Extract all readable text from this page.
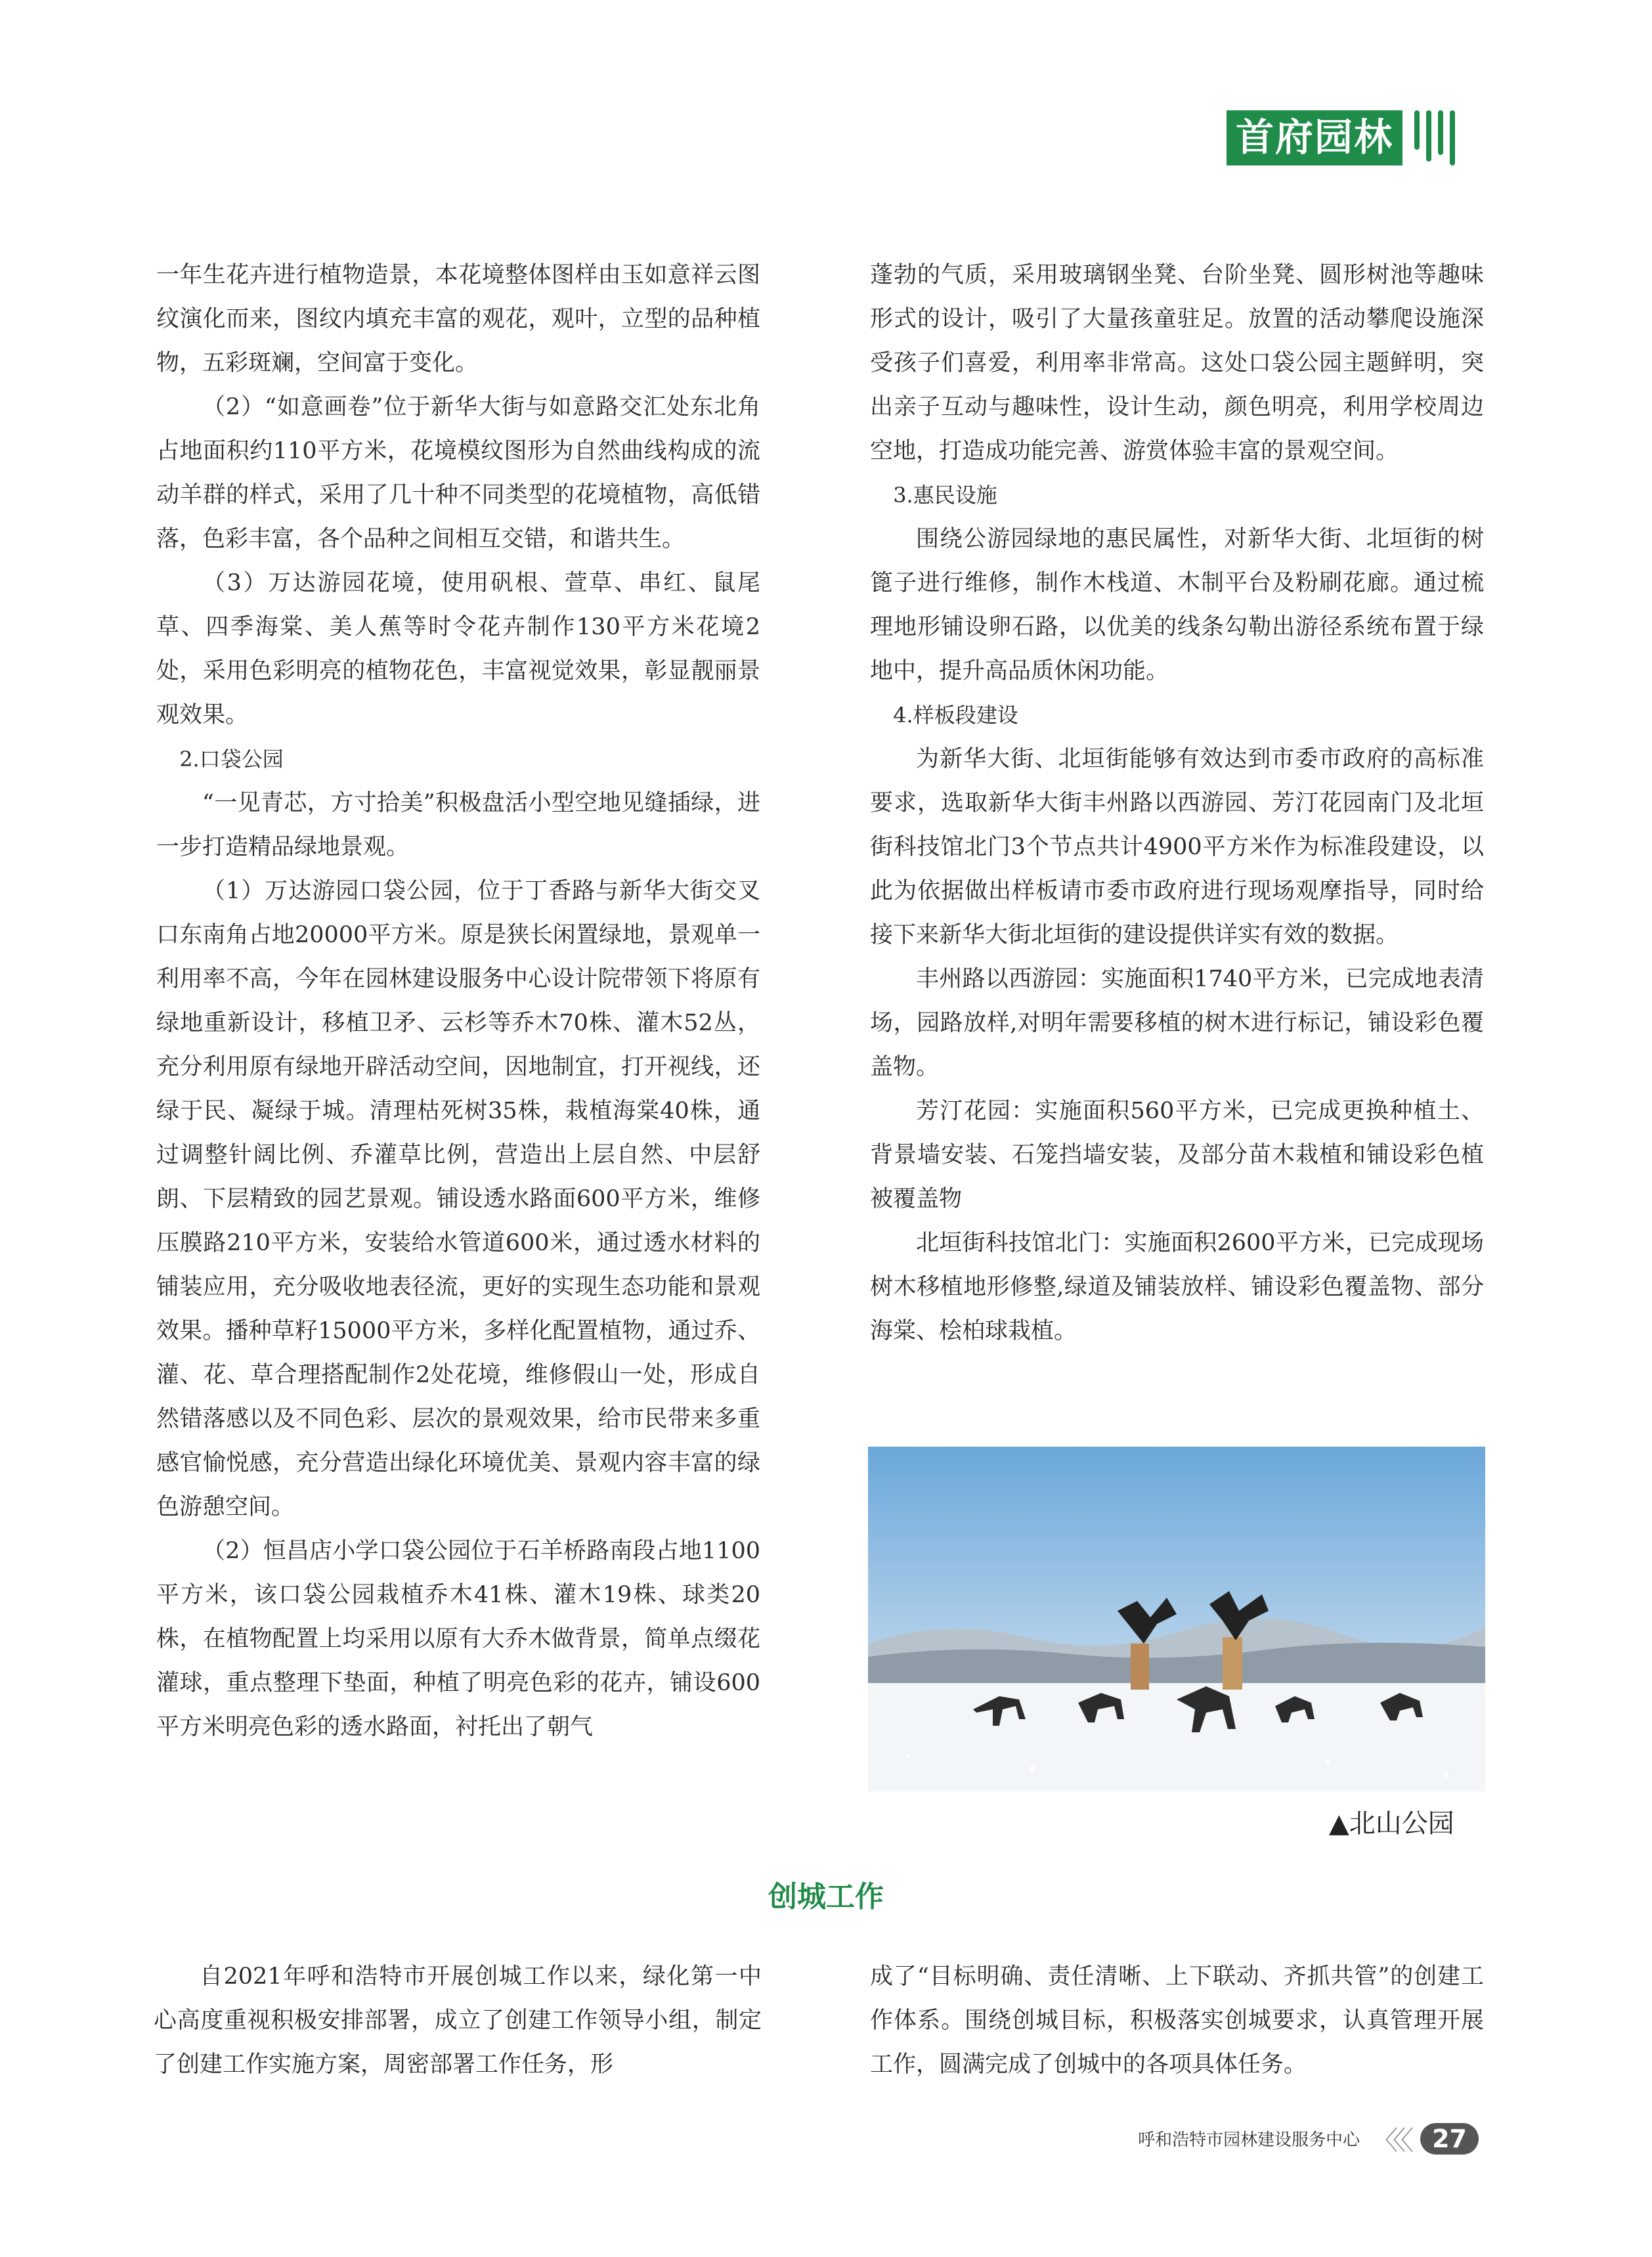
首府园林

一年生花卉进行植物造景，本花境整体图样由玉如意祥云图纹演化而来，图纹内填充丰富的观花，观叶，立型的品种植物，五彩斑斓，空间富于变化。

（2）“如意画卷”位于新华大街与如意路交汇处东北角占地面积约110平方米，花境模纹图形为自然曲线构成的流动羊群的样式，采用了几十种不同类型的花境植物，高低错落，色彩丰富，各个品种之间相互交错，和谐共生。

（3）万达游园花境，使用矾根、萱草、串红、鼠尾草、四季海棠、美人蕉等时令花卉制作130平方米花境2处，采用色彩明亮的植物花色，丰富视觉效果，彰显靓丽景观效果。

2.口袋公园

“一见青芯，方寸拾美”积极盘活小型空地见缝插绿，进一步打造精品绿地景观。

（1）万达游园口袋公园，位于丁香路与新华大街交叉口东南角占地20000平方米。原是狭长闲置绿地，景观单一利用率不高，今年在园林建设服务中心设计院带领下将原有绿地重新设计，移植卫矛、云杉等乔木70株、灌木52丛，充分利用原有绿地开辟活动空间，因地制宜，打开视线，还绿于民、凝绿于城。清理枯死树35株，栽植海棠40株，通过调整针阔比例、乔灌草比例，营造出上层自然、中层舒朗、下层精致的园艺景观。铺设透水路面600平方米，维修压膜路210平方米，安装给水管道600米，通过透水材料的铺装应用，充分吸收地表径流，更好的实现生态功能和景观效果。播种草籽15000平方米，多样化配置植物，通过乔、灌、花、草合理搭配制作2处花境，维修假山一处，形成自然错落感以及不同色彩、层次的景观效果，给市民带来多重感官愉悦感，充分营造出绿化环境优美、景观内容丰富的绿色游憩空间。

（2）恒昌店小学口袋公园位于石羊桥路南段占地1100平方米，该口袋公园栽植乔木41株、灌木19株、球类20株，在植物配置上均采用以原有大乔木做背景，简单点缀花灌球，重点整理下垫面，种植了明亮色彩的花卉，铺设600平方米明亮色彩的透水路面，衬托出了朝气

蓬勃的气质，采用玻璃钢坐凳、台阶坐凳、圆形树池等趣味形式的设计，吸引了大量孩童驻足。放置的活动攀爬设施深受孩子们喜爱，利用率非常高。这处口袋公园主题鲜明，突出亲子互动与趣味性，设计生动，颜色明亮，利用学校周边空地，打造成功能完善、游赏体验丰富的景观空间。

3.惠民设施

围绕公游园绿地的惠民属性，对新华大街、北垣街的树篦子进行维修，制作木栈道、木制平台及粉刷花廊。通过梳理地形铺设卵石路，以优美的线条勾勒出游径系统布置于绿地中，提升高品质休闲功能。

4.样板段建设

为新华大街、北垣街能够有效达到市委市政府的高标准要求，选取新华大街丰州路以西游园、芳汀花园南门及北垣街科技馆北门3个节点共计4900平方米作为标准段建设，以此为依据做出样板请市委市政府进行现场观摩指导，同时给接下来新华大街北垣街的建设提供详实有效的数据。

丰州路以西游园：实施面积1740平方米，已完成地表清场，园路放样,对明年需要移植的树木进行标记，铺设彩色覆盖物。

芳汀花园：实施面积560平方米，已完成更换种植土、背景墙安装、石笼挡墙安装，及部分苗木栽植和铺设彩色植被覆盖物

北垣街科技馆北门：实施面积2600平方米，已完成现场树木移植地形修整,绿道及铺装放样、铺设彩色覆盖物、部分海棠、桧柏球栽植。

▲北山公园
创城工作

自2021年呼和浩特市开展创城工作以来，绿化第一中心高度重视积极安排部署，成立了创建工作领导小组，制定了创建工作实施方案，周密部署工作任务，形

成了“目标明确、责任清晰、上下联动、齐抓共管”的创建工作体系。围绕创城目标，积极落实创城要求，认真管理开展工作，圆满完成了创城中的各项具体任务。

呼和浩特市园林建设服务中心 〈〈〈 27
